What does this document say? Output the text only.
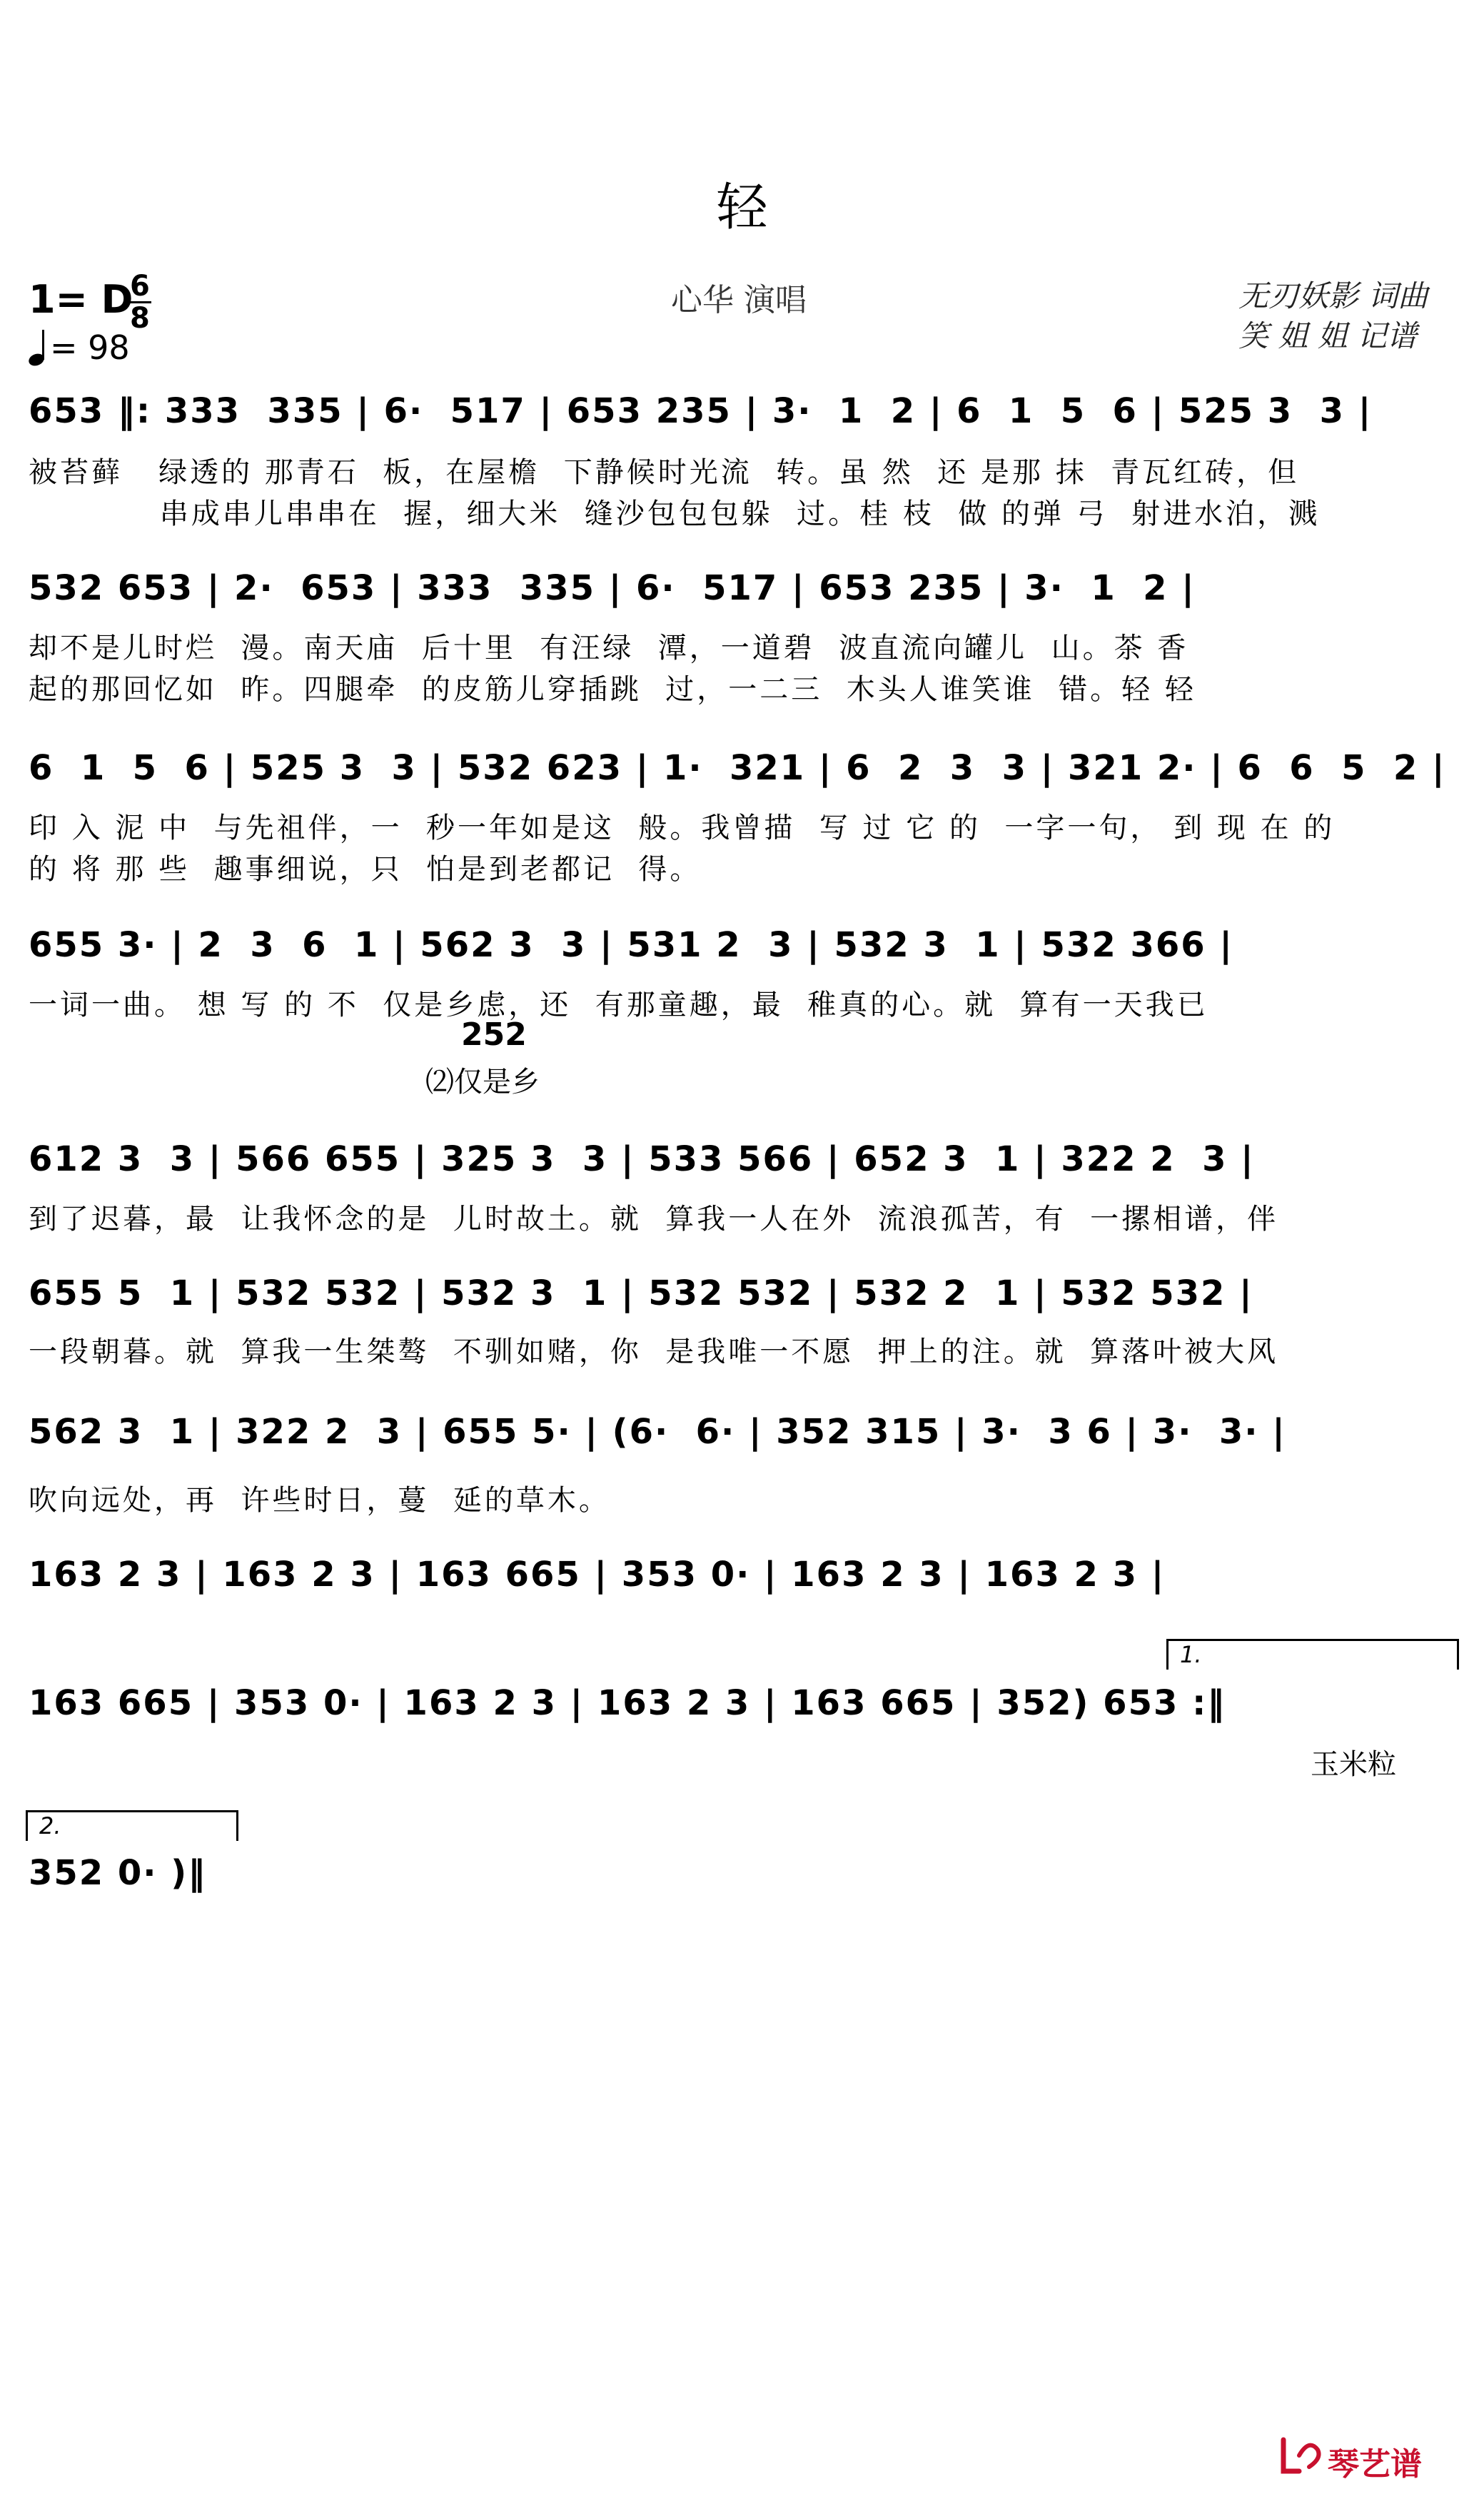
轻
1= D
$\frac{6}{8}$
= 98
心华 演唱	无刃妖影 词曲
笑 姐 姐 记谱
653 ‖: 333  335 | 6·  517 | 653 235 | 3·  1  2 | 6  1  5  6 | 525 3  3 |
被苔藓   绿透的 那青石  板，在屋檐  下静候时光流  转。虽 然  还 是那 抹  青瓦红砖，但
串成串儿串串在  握，细大米  缝沙包包包躲  过。桂 枝  做 的弹 弓  射进水泊，溅
532 653 | 2·  653 | 333  335 | 6·  517 | 653 235 | 3·  1  2 |
却不是儿时烂  漫。南天庙  后十里  有汪绿  潭，一道碧  波直流向罐儿  山。茶 香
起的那回忆如  昨。四腿牵  的皮筋儿穿插跳  过，一二三  木头人谁笑谁  错。轻 轻
6  1  5  6 | 525 3  3 | 532 623 | 1·  321 | 6  2  3  3 | 321 2· | 6  6  5  2 |
印 入 泥 中  与先祖伴，一  秒一年如是这  般。我曾描  写 过 它 的  一字一句， 到 现 在 的
的 将 那 些  趣事细说，只  怕是到老都记  得。
655 3· | 2  3  6  1 | 562 3  3 | 531 2  3 | 532 3  1 | 532 366 |
一词一曲。 想 写 的 不  仅是乡虑，还  有那童趣，最  稚真的心。就  算有一天我已
252
⑵仅是乡
612 3  3 | 566 655 | 325 3  3 | 533 566 | 652 3  1 | 322 2  3 |
到了迟暮，最  让我怀念的是  儿时故土。就  算我一人在外  流浪孤苦，有  一摞相谱，伴
655 5  1 | 532 532 | 532 3  1 | 532 532 | 532 2  1 | 532 532 |
一段朝暮。就  算我一生桀骜  不驯如赌，你  是我唯一不愿  押上的注。就  算落叶被大风
562 3  1 | 322 2  3 | 655 5· | (6·  6· | 352 315 | 3·  3 6 | 3·  3· |
吹向远处，再  许些时日，蔓  延的草木。
163 2 3 | 163 2 3 | 163 665 | 353 0· | 163 2 3 | 163 2 3 |
1.
163 665 | 353 0· | 163 2 3 | 163 2 3 | 163 665 | 352) 653 :‖
玉米粒
2.
352 0· )‖
琴艺谱
